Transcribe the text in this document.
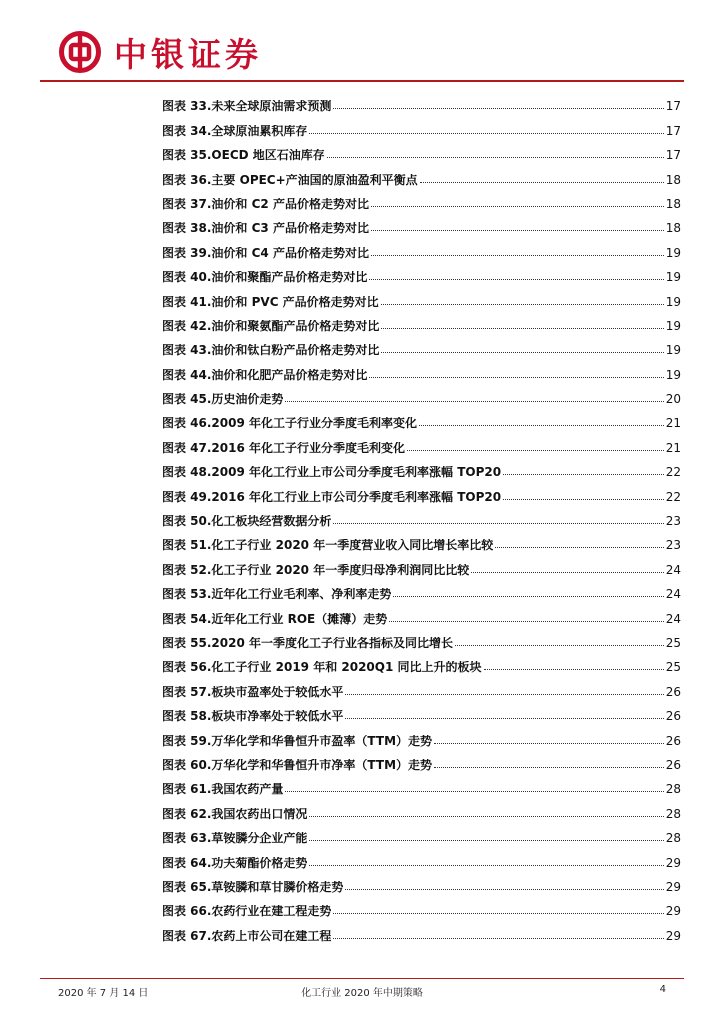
中银证券
图表 33.未来全球原油需求预测	17
图表 34.全球原油累积库存	17
图表 35.OECD 地区石油库存	17
图表 36.主要 OPEC+产油国的原油盈利平衡点	18
图表 37.油价和 C2 产品价格走势对比	18
图表 38.油价和 C3 产品价格走势对比	18
图表 39.油价和 C4 产品价格走势对比	19
图表 40.油价和聚酯产品价格走势对比	19
图表 41.油价和 PVC 产品价格走势对比	19
图表 42.油价和聚氨酯产品价格走势对比	19
图表 43.油价和钛白粉产品价格走势对比	19
图表 44.油价和化肥产品价格走势对比	19
图表 45.历史油价走势	20
图表 46.2009 年化工子行业分季度毛利率变化	21
图表 47.2016 年化工子行业分季度毛利变化	21
图表 48.2009 年化工行业上市公司分季度毛利率涨幅 TOP20	22
图表 49.2016 年化工行业上市公司分季度毛利率涨幅 TOP20	22
图表 50.化工板块经营数据分析	23
图表 51.化工子行业 2020 年一季度营业收入同比增长率比较	23
图表 52.化工子行业 2020 年一季度归母净利润同比比较	24
图表 53.近年化工行业毛利率、净利率走势	24
图表 54.近年化工行业 ROE（摊薄）走势	24
图表 55.2020 年一季度化工子行业各指标及同比增长	25
图表 56.化工子行业 2019 年和 2020Q1 同比上升的板块	25
图表 57.板块市盈率处于较低水平	26
图表 58.板块市净率处于较低水平	26
图表 59.万华化学和华鲁恒升市盈率（TTM）走势	26
图表 60.万华化学和华鲁恒升市净率（TTM）走势	26
图表 61.我国农药产量	28
图表 62.我国农药出口情况	28
图表 63.草铵膦分企业产能	28
图表 64.功夫菊酯价格走势	29
图表 65.草铵膦和草甘膦价格走势	29
图表 66.农药行业在建工程走势	29
图表 67.农药上市公司在建工程	29
2020 年 7 月 14 日	化工行业 2020 年中期策略	4
